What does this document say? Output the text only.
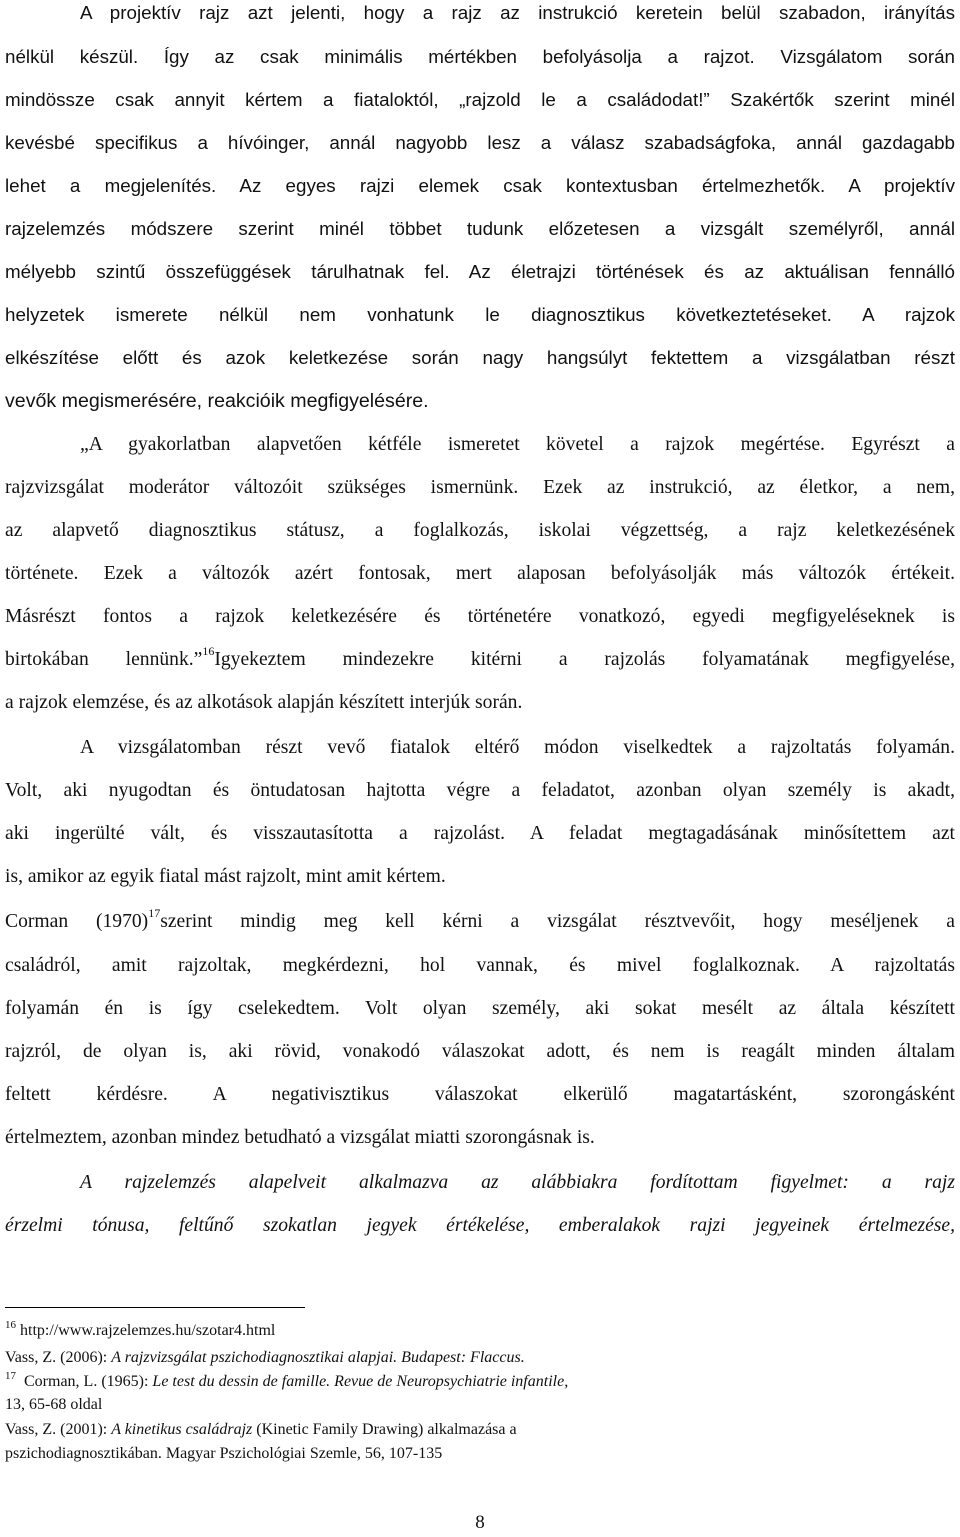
A projektív rajz azt jelenti, hogy a rajz az instrukció keretein belül szabadon, irányítás
nélkül készül. Így az csak minimális mértékben befolyásolja a rajzot. Vizsgálatom során
mindössze csak annyit kértem a fiataloktól, „rajzold le a családodat!” Szakértők szerint minél
kevésbé specifikus a hívóinger, annál nagyobb lesz a válasz szabadságfoka, annál gazdagabb
lehet a megjelenítés. Az egyes rajzi elemek csak kontextusban értelmezhetők. A projektív
rajzelemzés módszere szerint minél többet tudunk előzetesen a vizsgált személyről, annál
mélyebb szintű összefüggések tárulhatnak fel. Az életrajzi történések és az aktuálisan fennálló
helyzetek ismerete nélkül nem vonhatunk le diagnosztikus következtetéseket. A rajzok
elkészítése előtt és azok keletkezése során nagy hangsúlyt fektettem a vizsgálatban részt
vevők megismerésére, reakcióik megfigyelésére.
„A gyakorlatban alapvetően kétféle ismeretet követel a rajzok megértése. Egyrészt a
rajzvizsgálat moderátor változóit szükséges ismernünk. Ezek az instrukció, az életkor, a nem,
az alapvető diagnosztikus státusz, a foglalkozás, iskolai végzettség, a rajz keletkezésének
története. Ezek a változók azért fontosak, mert alaposan befolyásolják más változók értékeit.
Másrészt fontos a rajzok keletkezésére és történetére vonatkozó, egyedi megfigyeléseknek is
birtokában lennünk.”$^{16}$Igyekeztem mindezekre kitérni a rajzolás folyamatának megfigyelése,
a rajzok elemzése, és az alkotások alapján készített interjúk során.
A vizsgálatomban részt vevő fiatalok eltérő módon viselkedtek a rajzoltatás folyamán.
Volt, aki nyugodtan és öntudatosan hajtotta végre a feladatot, azonban olyan személy is akadt,
aki ingerülté vált, és visszautasította a rajzolást. A feladat megtagadásának minősítettem azt
is, amikor az egyik fiatal mást rajzolt, mint amit kértem.
Corman $(1970)^{17}szerint$ mindig meg kell kérni a vizsgálat résztvevőit, hogy meséljenek a
családról, amit rajzoltak, megkérdezni, hol vannak, és mivel foglalkoznak. A rajzoltatás
folyamán én is így cselekedtem. Volt olyan személy, aki sokat mesélt az általa készített
rajzról, de olyan is, aki rövid, vonakodó válaszokat adott, és nem is reagált minden általam
feltett kérdésre. A negativisztikus válaszokat elkerülő magatartásként, szorongásként
értelmeztem, azonban mindez betudható a vizsgálat miatti szorongásnak is.
A rajzelemzés alapelveit alkalmazva az alábbiakra fordítottam figyelmet: a rajz
érzelmi tónusa, feltűnő szokatlan jegyek értékelése, emberalakok rajzi jegyeinek értelmezése,
$^{16}$ http://www.rajzelemzes.hu/szotar4.html
Vass, Z. (2006): A rajzvizsgálat pszichodiagnosztikai alapjai. Budapest: Flaccus.
$^{17}$ Corman, L. (1965): Le test du dessin de famille. Revue de Neuropsychiatrie infantile,
13, 65-68 oldal
Vass, Z. (2001): A kinetikus családrajz (Kinetic Family Drawing) alkalmazása a
pszichodiagnosztikában. Magyar Pszichológiai Szemle, 56, 107-135
8
